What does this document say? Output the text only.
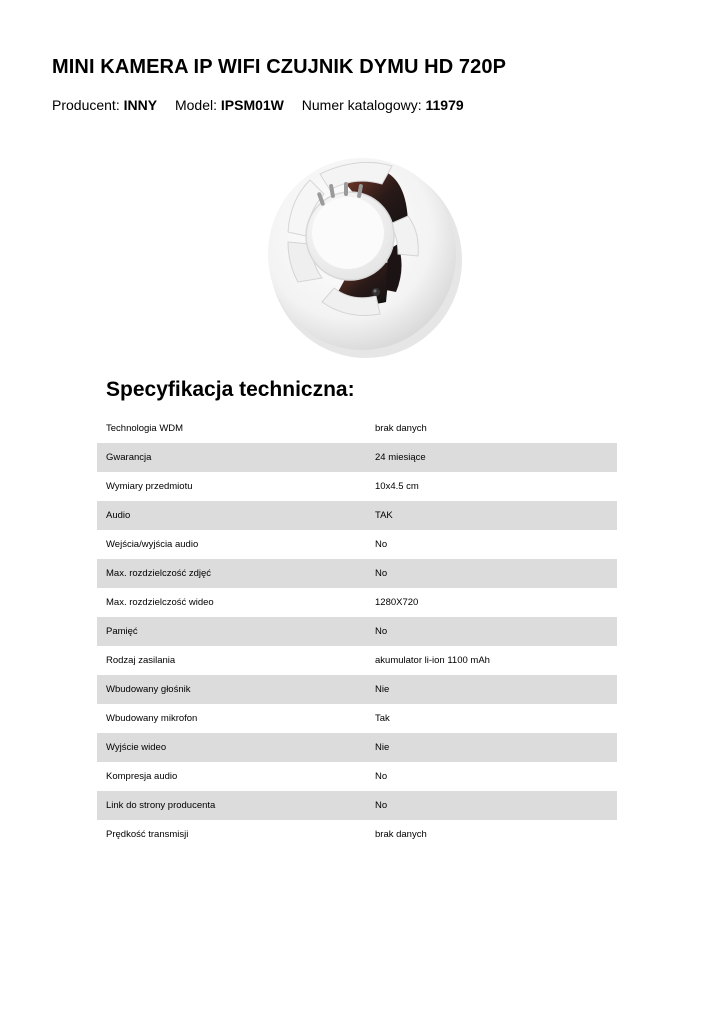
MINI KAMERA IP WIFI CZUJNIK DYMU HD 720P
Producent: INNY Model: IPSM01W Numer katalogowy: 11979
Specyfikacja techniczna:
Technologia WDM	brak danych
Gwarancja	24 miesiące
Wymiary przedmiotu	10x4.5 cm
Audio	TAK
Wejścia/wyjścia audio	No
Max. rozdzielczość zdjęć	No
Max. rozdzielczość wideo	1280X720
Pamięć	No
Rodzaj zasilania	akumulator li-ion 1100 mAh
Wbudowany głośnik	Nie
Wbudowany mikrofon	Tak
Wyjście wideo	Nie
Kompresja audio	No
Link do strony producenta	No
Prędkość transmisji	brak danych
